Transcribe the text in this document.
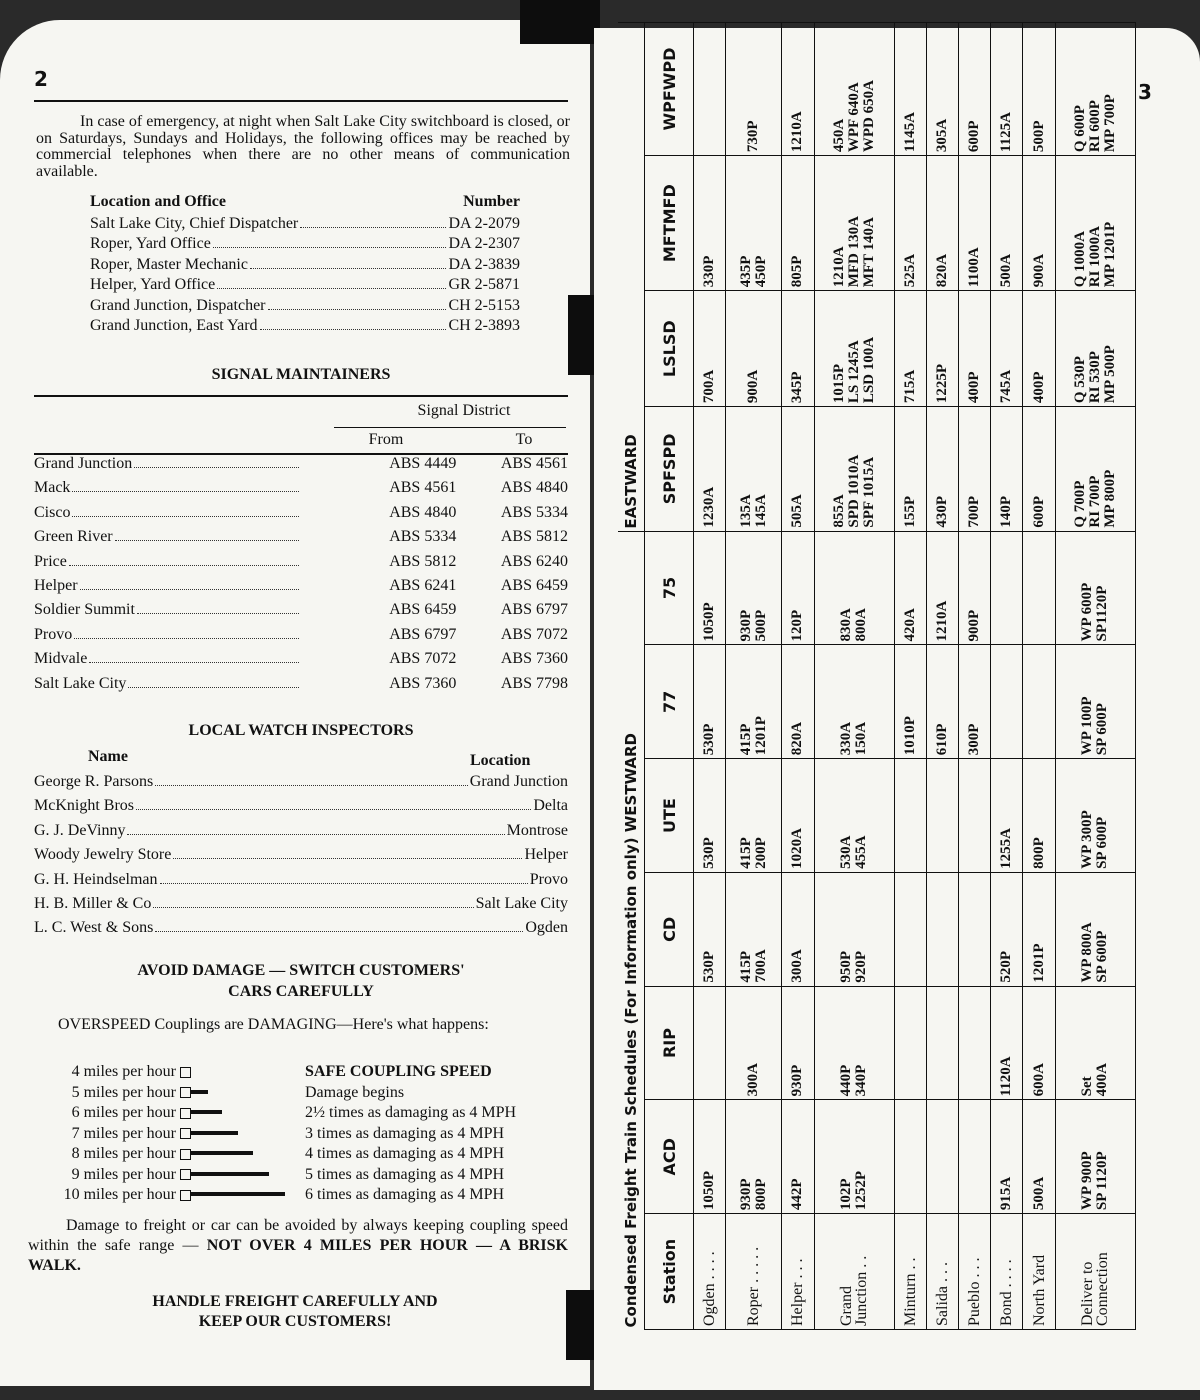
2

In case of emergency, at night when Salt Lake City switchboard is closed, or on Saturdays, Sundays and Holidays, the following offices may be reached by commercial telephones when there are no other means of communication available.

Location and Office	Number
Salt Lake City, Chief Dispatcher	DA 2-2079
Roper, Yard Office	DA 2-2307
Roper, Master Mechanic	DA 2-3839
Helper, Yard Office	GR 2-5871
Grand Junction, Dispatcher	CH 2-5153
Grand Junction, East Yard	CH 2-3893
SIGNAL MAINTAINERS
Signal District
From	To
Grand Junction	ABS 4449	ABS 4561
Mack	ABS 4561	ABS 4840
Cisco	ABS 4840	ABS 5334
Green River	ABS 5334	ABS 5812
Price	ABS 5812	ABS 6240
Helper	ABS 6241	ABS 6459
Soldier Summit	ABS 6459	ABS 6797
Provo	ABS 6797	ABS 7072
Midvale	ABS 7072	ABS 7360
Salt Lake City	ABS 7360	ABS 7798
LOCAL WATCH INSPECTORS
Name	Location
George R. Parsons	Grand Junction
McKnight Bros	Delta
G. J. DeVinny	Montrose
Woody Jewelry Store	Helper
G. H. Heindselman	Provo
H. B. Miller & Co	Salt Lake City
L. C. West & Sons	Ogden
AVOID DAMAGE — SWITCH CUSTOMERS'
CARS CAREFULLY
OVERSPEED Couplings are DAMAGING—Here's what happens:
4 miles per hour	SAFE COUPLING SPEED
5 miles per hour	Damage begins
6 miles per hour	2½ times as damaging as 4 MPH
7 miles per hour	3 times as damaging as 4 MPH
8 miles per hour	4 times as damaging as 4 MPH
9 miles per hour	5 times as damaging as 4 MPH
10 miles per hour	6 times as damaging as 4 MPH
Damage to freight or car can be avoided by always keeping coupling speed within the safe range — NOT OVER 4 MILES PER HOUR — A BRISK WALK.
HANDLE FREIGHT CAREFULLY AND
KEEP OUR CUSTOMERS!
3
Condensed Freight Train Schedules (For Information only) WESTWARD							EASTWARD			
Station	ACD	RIP	CD	UTE	77	75	SPFSPD	LSLSD	MFTMFD	WPFWPD

Ogden . . . .	1050P		530P	530P	530P	1050P	1230A	700A	330P	

Roper . . . . .	930P 800P	300A	415P 700A	415P 200P	415P 1201P	930P 500P	135A 145A	900A	435P 450P	730P

Helper . . .	442P	930P	300A	1020A	820A	120P	505A	345P	805P	1210A

Grand
Junction . .	102P 1252P	440P 340P	950P 920P	530A 455A	330A 150A	830A 800A	855A SPD 1010A SPF 1015A	1015P LS 1245A LSD 100A	1210A MFD 130A MFT 140A	450A WPF 640A WPD 650A

Minturn . .					1010P	420A	155P	715A	525A	1145A

Salida . . .					610P	1210A	430P	1225P	820A	305A

Pueblo . . .					300P	900P	700P	400P	1100A	600P

Bond . . . .	915A	1120A	520P	1255A			140P	745A	500A	1125A

North Yard	500A	600A	1201P	800P			600P	400P	900A	500P

Deliver to
Connection	WP 900P SP 1120P	Set 400A	WP 800A SP 600P	WP 300P SP 600P	WP 100P SP 600P	WP 600P SP1120P	Q 700P RI 700P MP 800P	Q 530P RI 530P MP 500P	Q 1000A RI 1000A MP 1201P	Q 600P RI 600P MP 700P
